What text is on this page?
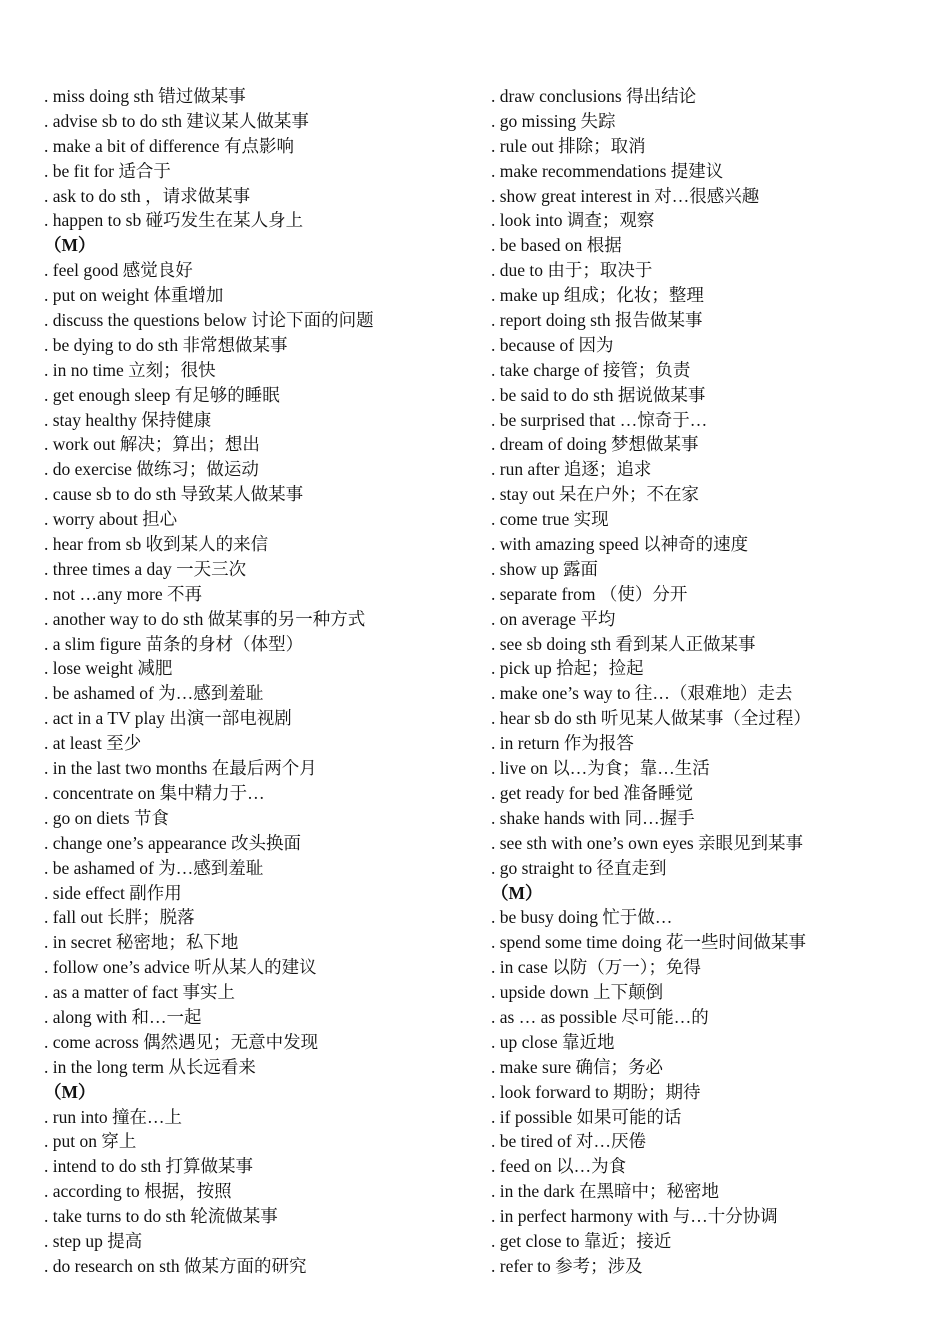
. miss doing sth 错过做某事
. advise sb to do sth 建议某人做某事
. make a bit of difference 有点影响
. be fit for 适合于
. ask to do sth ，请求做某事
. happen to sb 碰巧发生在某人身上
（M）
. feel good 感觉良好
. put on weight 体重增加
. discuss the questions below 讨论下面的问题
. be dying to do sth 非常想做某事
. in no time 立刻；很快
. get enough sleep 有足够的睡眠
. stay healthy 保持健康
. work out 解决；算出；想出
. do exercise 做练习；做运动
. cause sb to do sth 导致某人做某事
. worry about 担心
. hear from sb 收到某人的来信
. three times a day 一天三次
. not …any more 不再
. another way to do sth 做某事的另一种方式
. a slim figure 苗条的身材（体型）
. lose weight 减肥
. be ashamed of 为…感到羞耻
. act in a TV play 出演一部电视剧
. at least 至少
. in the last two months 在最后两个月
. concentrate on 集中精力于…
. go on diets 节食
. change one’s appearance 改头换面
. be ashamed of 为…感到羞耻
. side effect 副作用
. fall out 长胖；脱落
. in secret 秘密地；私下地
. follow one’s advice 听从某人的建议
. as a matter of fact 事实上
. along with 和…一起
. come across 偶然遇见；无意中发现
. in the long term 从长远看来
（M）
. run into 撞在…上
. put on 穿上
. intend to do sth 打算做某事
. according to 根据，按照
. take turns to do sth 轮流做某事
. step up 提高
. do research on sth 做某方面的研究
. draw conclusions 得出结论
. go missing 失踪
. rule out 排除；取消
. make recommendations 提建议
. show great interest in 对…很感兴趣
. look into 调查；观察
. be based on 根据
. due to 由于；取决于
. make up 组成；化妆；整理
. report doing sth 报告做某事
. because of 因为
. take charge of 接管；负责
. be said to do sth 据说做某事
. be surprised that …惊奇于…
. dream of doing 梦想做某事
. run after 追逐；追求
. stay out 呆在户外；不在家
. come true 实现
. with amazing speed 以神奇的速度
. show up 露面
. separate from （使）分开
. on average 平均
. see sb doing sth 看到某人正做某事
. pick up 拾起；捡起
. make one’s way to 往…（艰难地）走去
. hear sb do sth 听见某人做某事（全过程）
. in return 作为报答
. live on 以…为食；靠…生活
. get ready for bed 准备睡觉
. shake hands with 同…握手
. see sth with one’s own eyes 亲眼见到某事
. go straight to 径直走到
（M）
. be busy doing 忙于做…
. spend some time doing 花一些时间做某事
. in case 以防（万一）；免得
. upside down 上下颠倒
. as … as possible 尽可能…的
. up close 靠近地
. make sure 确信；务必
. look forward to 期盼；期待
. if possible 如果可能的话
. be tired of 对…厌倦
. feed on 以…为食
. in the dark 在黑暗中；秘密地
. in perfect harmony with 与…十分协调
. get close to 靠近；接近
. refer to 参考；涉及
